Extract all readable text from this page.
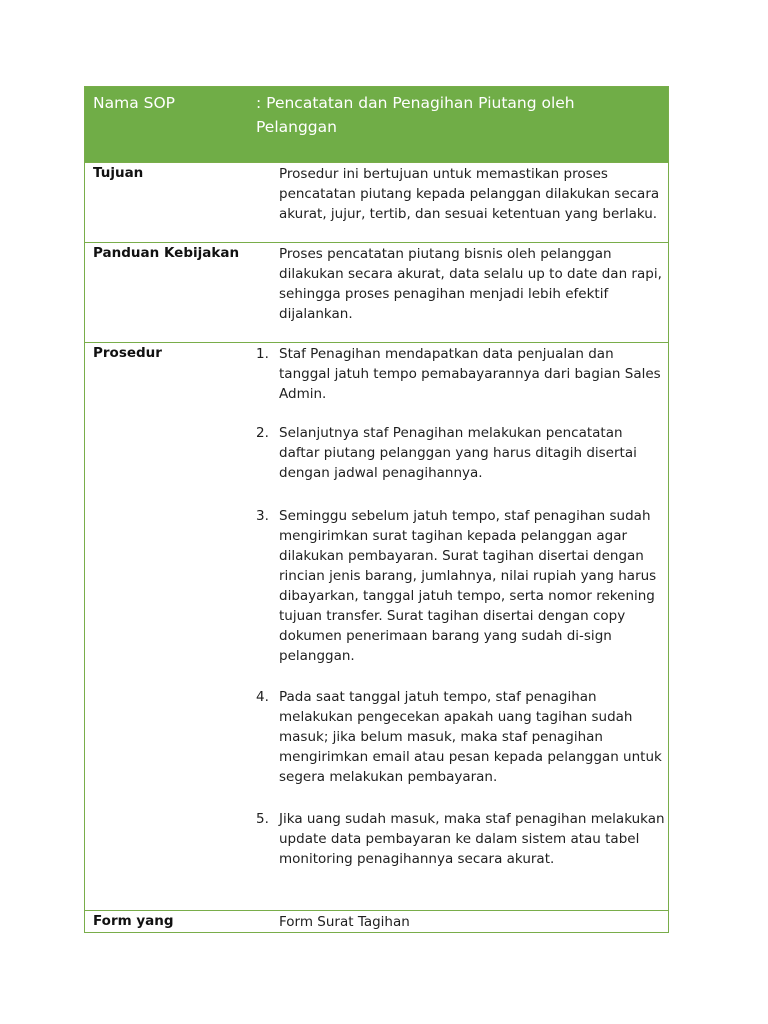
Nama SOP	: Pencatatan dan Penagihan Piutang oleh Pelanggan
Tujuan	Prosedur ini bertujuan untuk memastikan proses pencatatan piutang kepada pelanggan dilakukan secara akurat, jujur, tertib, dan sesuai ketentuan yang berlaku.
Panduan Kebijakan	Proses pencatatan piutang bisnis oleh pelanggan dilakukan secara akurat, data selalu up to date dan rapi, sehingga proses penagihan menjadi lebih efektif dijalankan.
Prosedur	1. Staf Penagihan mendapatkan data penjualan dan tanggal jatuh tempo pemabayarannya dari bagian Sales Admin.
2. Selanjutnya staf Penagihan melakukan pencatatan daftar piutang pelanggan yang harus ditagih disertai dengan jadwal penagihannya.
3. Seminggu sebelum jatuh tempo, staf penagihan sudah mengirimkan surat tagihan kepada pelanggan agar dilakukan pembayaran. Surat tagihan disertai dengan rincian jenis barang, jumlahnya, nilai rupiah yang harus dibayarkan, tanggal jatuh tempo, serta nomor rekening tujuan transfer. Surat tagihan disertai dengan copy dokumen penerimaan barang yang sudah di-sign pelanggan.
4. Pada saat tanggal jatuh tempo, staf penagihan melakukan pengecekan apakah uang tagihan sudah masuk; jika belum masuk, maka staf penagihan mengirimkan email atau pesan kepada pelanggan untuk segera melakukan pembayaran.
5. Jika uang sudah masuk, maka staf penagihan melakukan update data pembayaran ke dalam sistem atau tabel monitoring penagihannya secara akurat.
Form yang	Form Surat Tagihan
